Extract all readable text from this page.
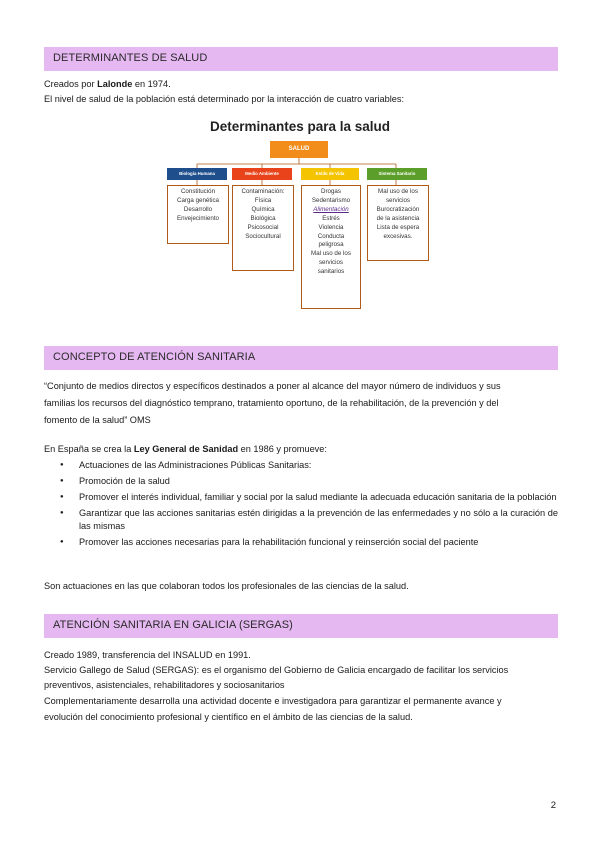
DETERMINANTES DE SALUD
Creados por Lalonde en 1974.
El nivel de salud de la población está determinado por la interacción de cuatro variables:
Determinantes para la salud
SALUD
Biología Humana	Medio Ambiente	Estilo de Vida	Sistema Sanitario
Constitución
Carga genética
Desarrollo
Envejecimiento
Contaminación:
Física
Química
Biológica
Psicosocial
Sociocultural
Drogas
Sedentarismo
Alimentación
Estrés
Violencia
Conducta
peligrosa
Mal uso de los
servicios
sanitarios
Mal uso de los
servicios
Burocratización
de la asistencia
Lista de espera
excesivas.
CONCEPTO DE ATENCIÓN SANITARIA
“Conjunto de medios directos y específicos destinados a poner al alcance del mayor número de individuos y sus
familias los recursos del diagnóstico temprano, tratamiento oportuno, de la rehabilitación, de la prevención y del
fomento de la salud” OMS
En España se crea la Ley General de Sanidad en 1986 y promueve:
● Actuaciones de las Administraciones Públicas Sanitarias:
● Promoción de la salud
● Promover el interés individual, familiar y social por la salud mediante la adecuada educación sanitaria de la población
● Garantizar que las acciones sanitarias estén dirigidas a la prevención de las enfermedades y no sólo a la curación de las mismas
● Promover las acciones necesarias para la rehabilitación funcional y reinserción social del paciente
Son actuaciones en las que colaboran todos los profesionales de las ciencias de la salud.
ATENCIÓN SANITARIA EN GALICIA (SERGAS)
Creado 1989, transferencia del INSALUD en 1991.
Servicio Gallego de Salud (SERGAS): es el organismo del Gobierno de Galicia encargado de facilitar los servicios
preventivos, asistenciales, rehabilitadores y sociosanitarios
Complementariamente desarrolla una actividad docente e investigadora para garantizar el permanente avance y
evolución del conocimiento profesional y científico en el ámbito de las ciencias de la salud.
2
